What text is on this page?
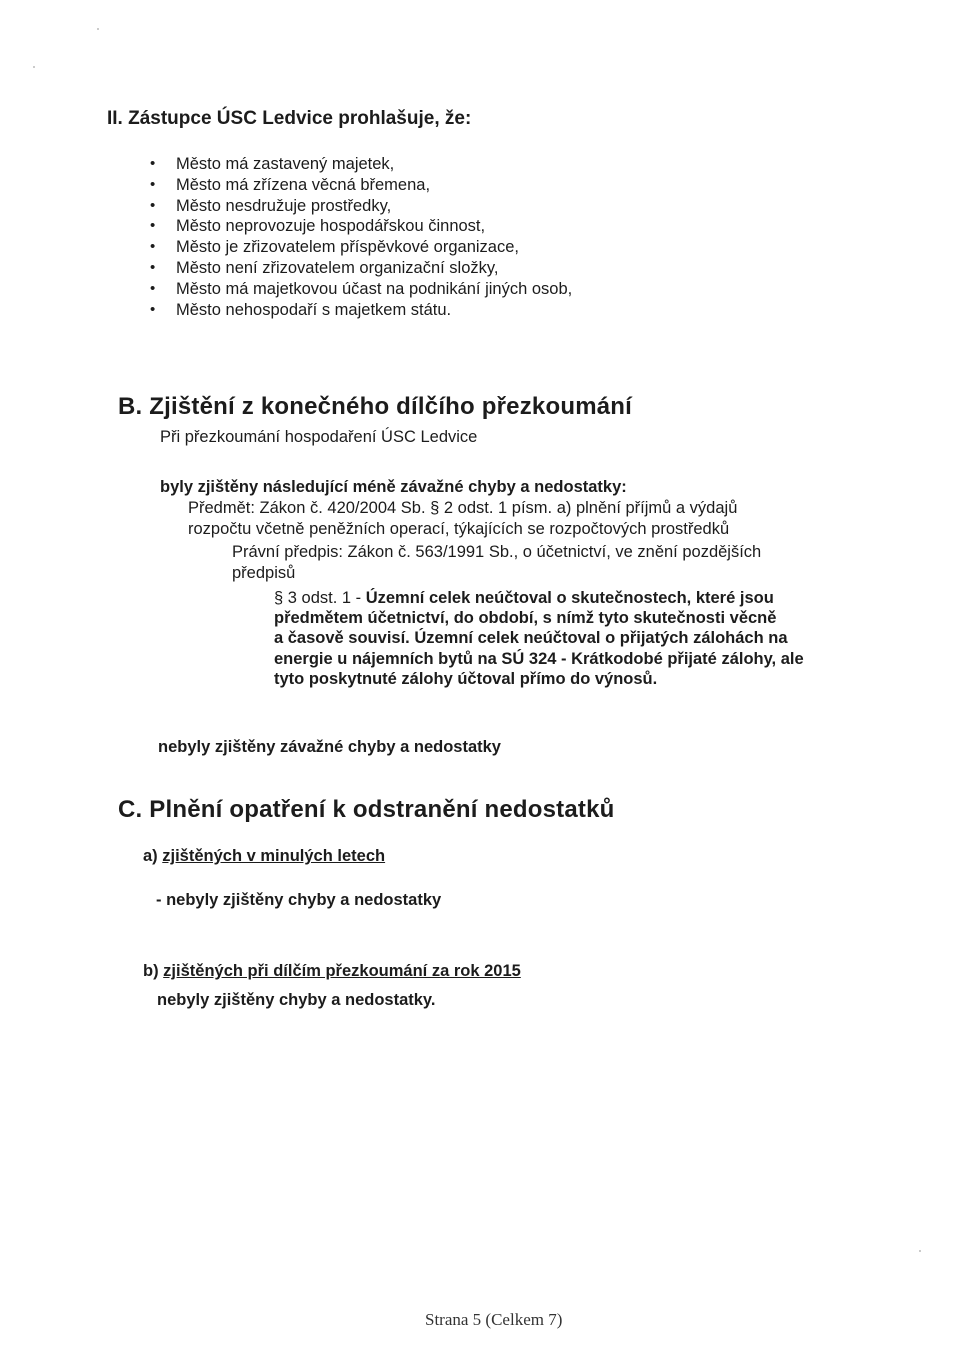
II. Zástupce ÚSC Ledvice prohlašuje, že:
• Město má zastavený majetek,
• Město má zřízena věcná břemena,
• Město nesdružuje prostředky,
• Město neprovozuje hospodářskou činnost,
• Město je zřizovatelem příspěvkové organizace,
• Město není zřizovatelem organizační složky,
• Město má majetkovou účast na podnikání jiných osob,
• Město nehospodaří s majetkem státu.
B. Zjištění z konečného dílčího přezkoumání
Při přezkoumání hospodaření ÚSC Ledvice
byly zjištěny následující méně závažné chyby a nedostatky:
Předmět: Zákon č. 420/2004 Sb. § 2 odst. 1 písm. a) plnění příjmů a výdajů
rozpočtu včetně peněžních operací, týkajících se rozpočtových prostředků
Právní předpis: Zákon č. 563/1991 Sb., o účetnictví, ve znění pozdějších
předpisů
§ 3 odst. 1 - Územní celek neúčtoval o skutečnostech, které jsou
předmětem účetnictví, do období, s nímž tyto skutečnosti věcně
a časově souvisí. Územní celek neúčtoval o přijatých zálohách na
energie u nájemních bytů na SÚ 324 - Krátkodobé přijaté zálohy, ale
tyto poskytnuté zálohy účtoval přímo do výnosů.
nebyly zjištěny závažné chyby a nedostatky
C. Plnění opatření k odstranění nedostatků
a) zjištěných v minulých letech
- nebyly zjištěny chyby a nedostatky
b) zjištěných při dílčím přezkoumání za rok 2015
nebyly zjištěny chyby a nedostatky.
Strana 5 (Celkem 7)
